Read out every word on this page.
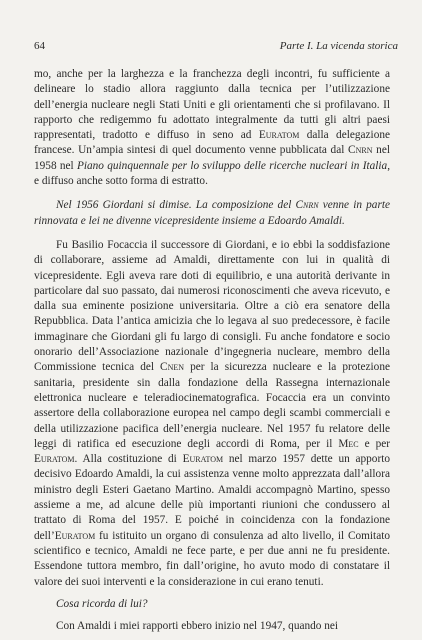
64	Parte I. La vicenda storica

mo, anche per la larghezza e la franchezza degli incontri, fu sufficiente a delineare lo stadio allora raggiunto dalla tecnica per l’utilizzazione dell’energia nucleare negli Stati Uniti e gli orientamenti che si profilavano. Il rapporto che redigemmo fu adottato integralmente da tutti gli altri paesi rappresentati, tradotto e diffuso in seno ad Euratom dalla delegazione francese. Un’ampia sintesi di quel documento venne pubblicata dal Cnrn nel 1958 nel Piano quinquennale per lo sviluppo delle ricerche nucleari in Italia, e diffuso anche sotto forma di estratto.

Nel 1956 Giordani si dimise. La composizione del Cnrn venne in parte rinnovata e lei ne divenne vicepresidente insieme a Edoardo Amaldi.

Fu Basilio Focaccia il successore di Giordani, e io ebbi la soddisfazione di collaborare, assieme ad Amaldi, direttamente con lui in qualità di vicepresidente. Egli aveva rare doti di equilibrio, e una autorità derivante in particolare dal suo passato, dai numerosi riconoscimenti che aveva ricevuto, e dalla sua eminente posizione universitaria. Oltre a ciò era senatore della Repubblica. Data l’antica amicizia che lo legava al suo predecessore, è facile immaginare che Giordani gli fu largo di consigli. Fu anche fondatore e socio onorario dell’Associazione nazionale d’ingegneria nucleare, membro della Commissione tecnica del Cnen per la sicurezza nucleare e la protezione sanitaria, presidente sin dalla fondazione della Rassegna internazionale elettronica nucleare e teleradiocinematografica. Focaccia era un convinto assertore della collaborazione europea nel campo degli scambi commerciali e della utilizzazione pacifica dell’energia nucleare. Nel 1957 fu relatore delle leggi di ratifica ed esecuzione degli accordi di Roma, per il Mec e per Euratom. Alla costituzione di Euratom nel marzo 1957 dette un apporto decisivo Edoardo Amaldi, la cui assistenza venne molto apprezzata dall’allora ministro degli Esteri Gaetano Martino. Amaldi accompagnò Martino, spesso assieme a me, ad alcune delle più importanti riunioni che condussero al trattato di Roma del 1957. E poiché in coincidenza con la fondazione dell’Euratom fu istituito un organo di consulenza ad alto livello, il Comitato scientifico e tecnico, Amaldi ne fece parte, e per due anni ne fu presidente. Essendone tuttora membro, fin dall’origine, ho avuto modo di constatare il valore dei suoi interventi e la considerazione in cui erano tenuti.

Cosa ricorda di lui?

Con Amaldi i miei rapporti ebbero inizio nel 1947, quando nei
